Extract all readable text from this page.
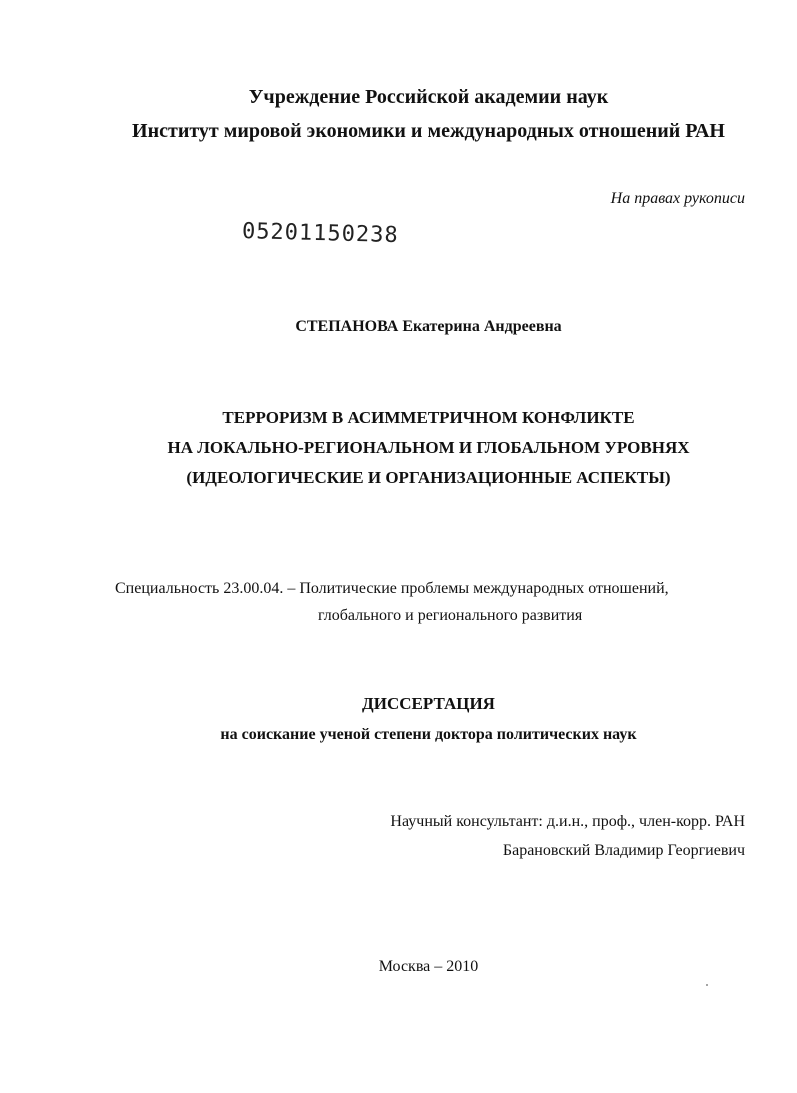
Учреждение Российской академии наук
Институт мировой экономики и международных отношений РАН
На правах рукописи
05201150238
СТЕПАНОВА Екатерина Андреевна
ТЕРРОРИЗМ В АСИММЕТРИЧНОМ КОНФЛИКТЕ
НА ЛОКАЛЬНО-РЕГИОНАЛЬНОМ И ГЛОБАЛЬНОМ УРОВНЯХ
(ИДЕОЛОГИЧЕСКИЕ И ОРГАНИЗАЦИОННЫЕ АСПЕКТЫ)
Специальность 23.00.04. – Политические проблемы международных отношений,
глобального и регионального развития
ДИССЕРТАЦИЯ
на соискание ученой степени доктора политических наук
Научный консультант: д.и.н., проф., член-корр. РАН
Барановский Владимир Георгиевич
Москва – 2010
